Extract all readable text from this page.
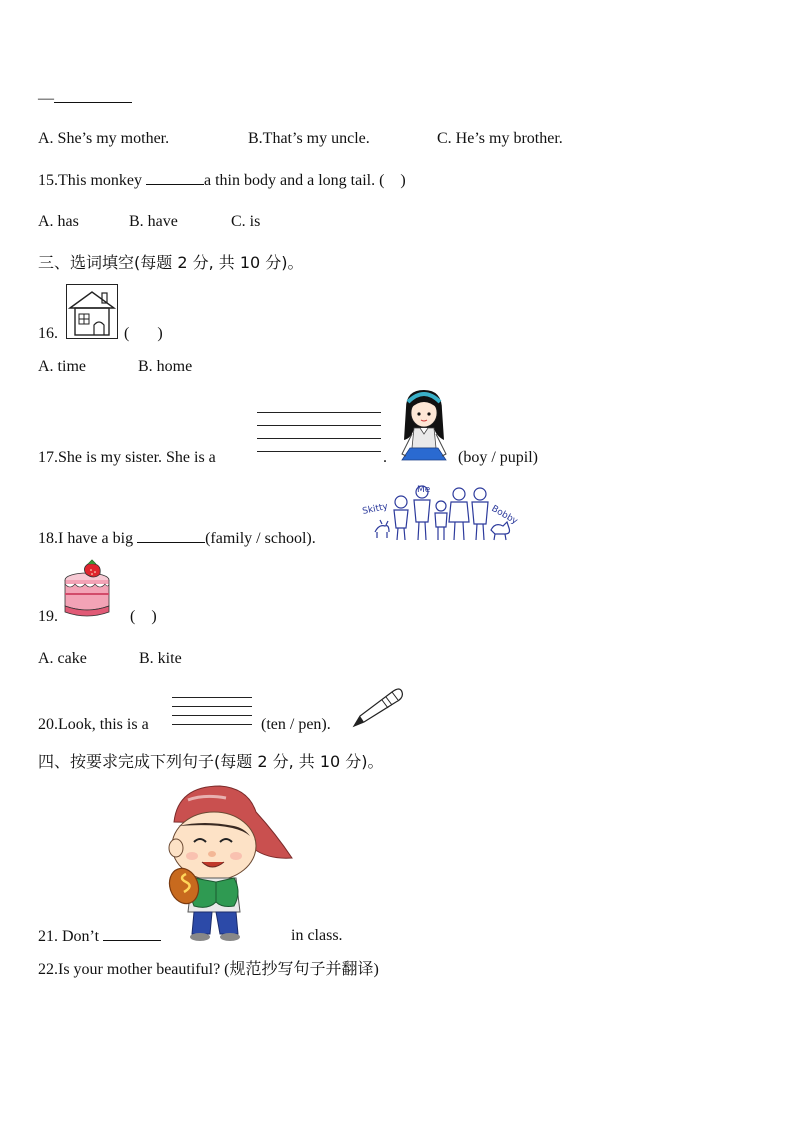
—
A. She’s my mother.	B.That’s my uncle.	C. He’s my brother.
15.This monkey	a thin body and a long tail. (    )
A. has	B. have	C. is
三、选词填空(每题 2 分, 共 10 分)。
16.	(       )
A. time	B. home
17.She is my sister. She is a	.	(boy / pupil)
Skitty
Me
Bobby
18.I have a big	(family / school).
19.	(    )
A. cake	B. kite
20.Look, this is a	(ten / pen).
四、按要求完成下列句子(每题 2 分, 共 10 分)。
21. Don’t	in class.
22.Is your mother beautiful? (规范抄写句子并翻译)
